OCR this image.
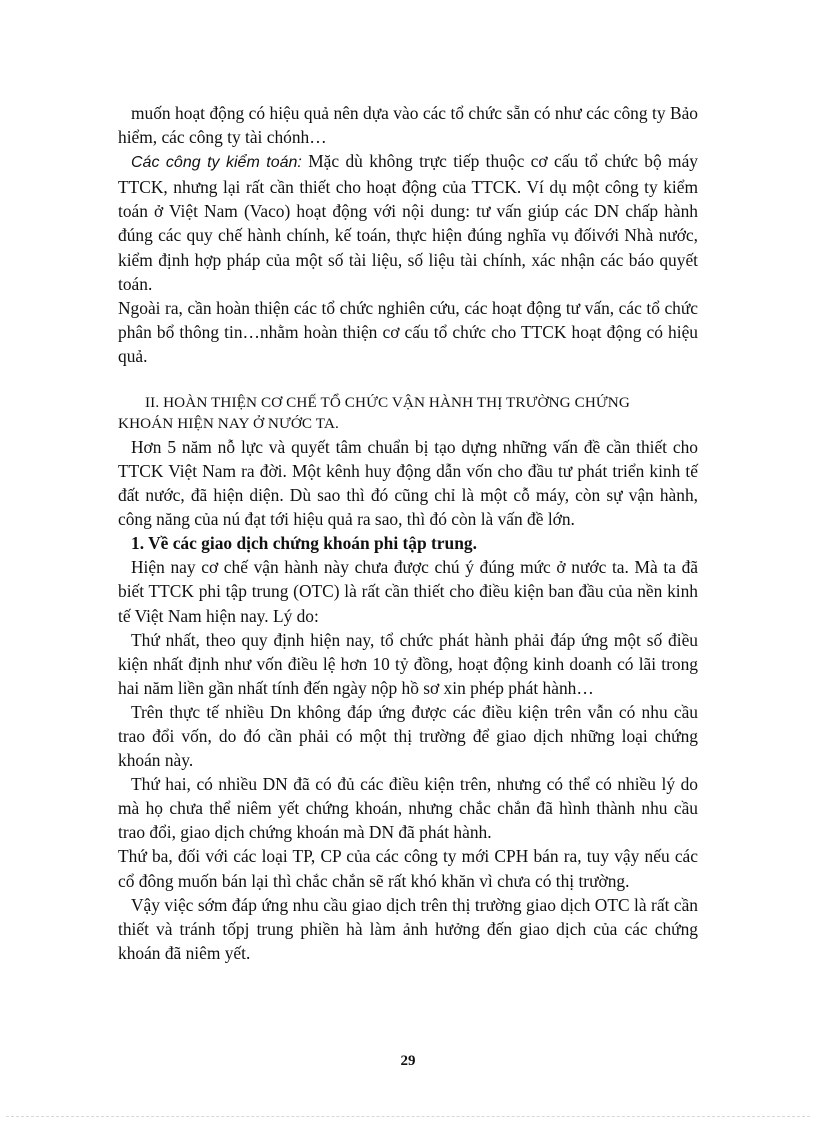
muốn hoạt động có hiệu quả nên dựa vào các tổ chức sẵn có như các công ty Bảo hiểm, các công ty tài chónh…

Các công ty kiểm toán: Mặc dù không trực tiếp thuộc cơ cấu tổ chức bộ máy TTCK, nhưng lại rất cần thiết cho hoạt động của TTCK. Ví dụ một công ty kiểm toán ở Việt Nam (Vaco) hoạt động với nội dung: tư vấn giúp các DN chấp hành đúng các quy chế hành chính, kế toán, thực hiện đúng nghĩa vụ đốivới Nhà nước, kiểm định hợp pháp của một số tài liệu, số liệu tài chính, xác nhận các báo quyết toán.

Ngoài ra, cần hoàn thiện các tổ chức nghiên cứu, các hoạt động tư vấn, các tổ chức phân bổ thông tin…nhằm hoàn thiện cơ cấu tổ chức cho TTCK hoạt động có hiệu quả.

II. HOÀN THIỆN CƠ CHẾ TỔ CHỨC VẬN HÀNH THỊ TRƯỜNG CHỨNG

KHOÁN HIỆN NAY Ở NƯỚC TA.

Hơn 5 năm nỗ lực và quyết tâm chuẩn bị tạo dựng những vấn đề cần thiết cho TTCK Việt Nam ra đời. Một kênh huy động dẫn vốn cho đầu tư phát triển kinh tế đất nước, đã hiện diện. Dù sao thì đó cũng chỉ là một cỗ máy, còn sự vận hành, công năng của nú đạt tới hiệu quả ra sao, thì đó còn là vấn đề lớn.

1. Về các giao dịch chứng khoán phi tập trung.

Hiện nay cơ chế vận hành này chưa được chú ý đúng mức ở nước ta. Mà ta đã biết TTCK phi tập trung (OTC) là rất cần thiết cho điều kiện ban đầu của nền kinh tế Việt Nam hiện nay. Lý do:

Thứ nhất, theo quy định hiện nay, tổ chức phát hành phải đáp ứng một số điều kiện nhất định như vốn điều lệ hơn 10 tỷ đồng, hoạt động kinh doanh có lãi trong hai năm liền gần nhất tính đến ngày nộp hồ sơ xin phép phát hành…

Trên thực tế nhiều Dn không đáp ứng được các điều kiện trên vẫn có nhu cầu trao đổi vốn, do đó cần phải có một thị trường để giao dịch những loại chứng khoán này.

Thứ hai, có nhiều DN đã có đủ các điều kiện trên, nhưng có thể có nhiều lý do mà họ chưa thể niêm yết chứng khoán, nhưng chắc chắn đã hình thành nhu cầu trao đổi, giao dịch chứng khoán mà DN đã phát hành.

Thứ ba, đối với các loại TP, CP của các công ty mới CPH bán ra, tuy vậy nếu các cổ đông muốn bán lại thì chắc chắn sẽ rất khó khăn vì chưa có thị trường.

Vậy việc sớm đáp ứng nhu cầu giao dịch trên thị trường giao dịch OTC là rất cần thiết và tránh tốpj trung phiền hà làm ảnh hưởng đến giao dịch của các chứng khoán đã niêm yết.

29
